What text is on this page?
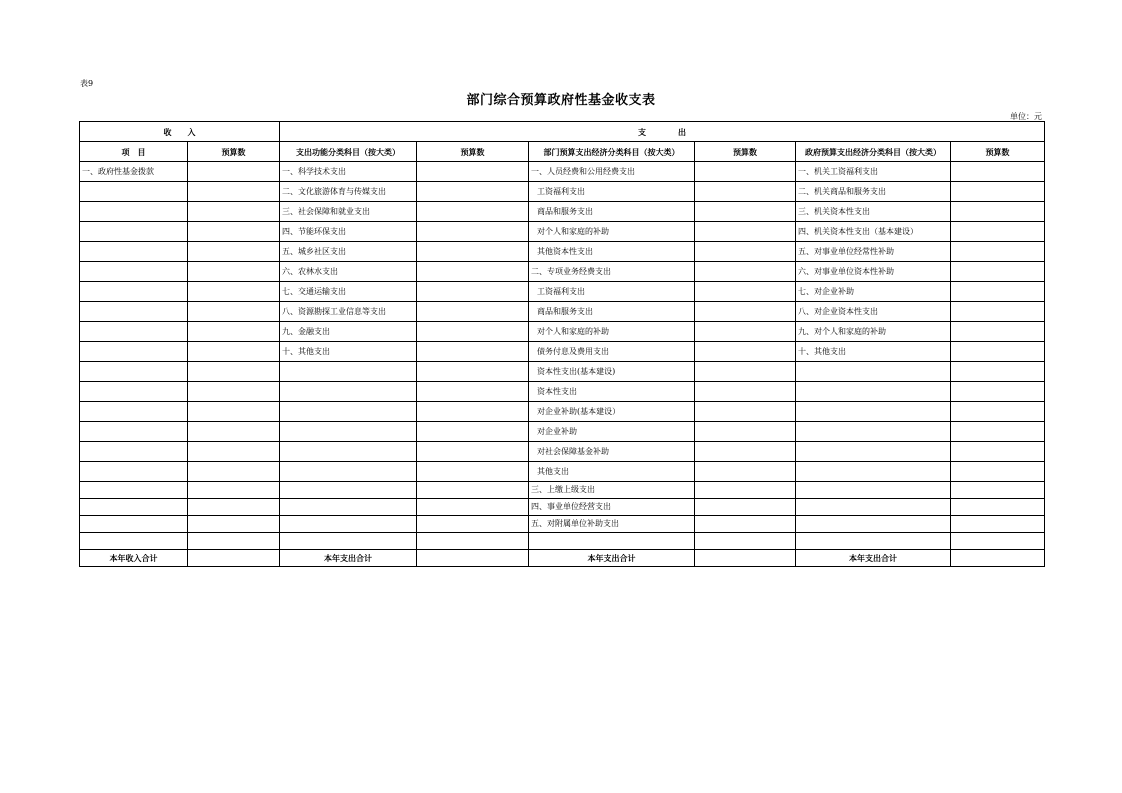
表9
部门综合预算政府性基金收支表
单位：元
收　　入		支　　　　出					
项　目	预算数	支出功能分类科目（按大类）	预算数	部门预算支出经济分类科目（按大类）	预算数	政府预算支出经济分类科目（按大类）	预算数
一、政府性基金拨款		一、科学技术支出		一、人员经费和公用经费支出		一、机关工资福利支出	
		二、文化旅游体育与传媒支出		工资福利支出		二、机关商品和服务支出	
		三、社会保障和就业支出		商品和服务支出		三、机关资本性支出	
		四、节能环保支出		对个人和家庭的补助		四、机关资本性支出（基本建设）	
		五、城乡社区支出		其他资本性支出		五、对事业单位经常性补助	
		六、农林水支出		二、专项业务经费支出		六、对事业单位资本性补助	
		七、交通运输支出		工资福利支出		七、对企业补助	
		八、资源勘探工业信息等支出		商品和服务支出		八、对企业资本性支出	
		九、金融支出		对个人和家庭的补助		九、对个人和家庭的补助	
		十、其他支出		债务付息及费用支出		十、其他支出	
				资本性支出(基本建设)			
				资本性支出			
				对企业补助(基本建设）			
				对企业补助			
				对社会保障基金补助			
				其他支出			
				三、上缴上级支出			
				四、事业单位经营支出			
				五、对附属单位补助支出			

本年收入合计		本年支出合计		本年支出合计		本年支出合计	
